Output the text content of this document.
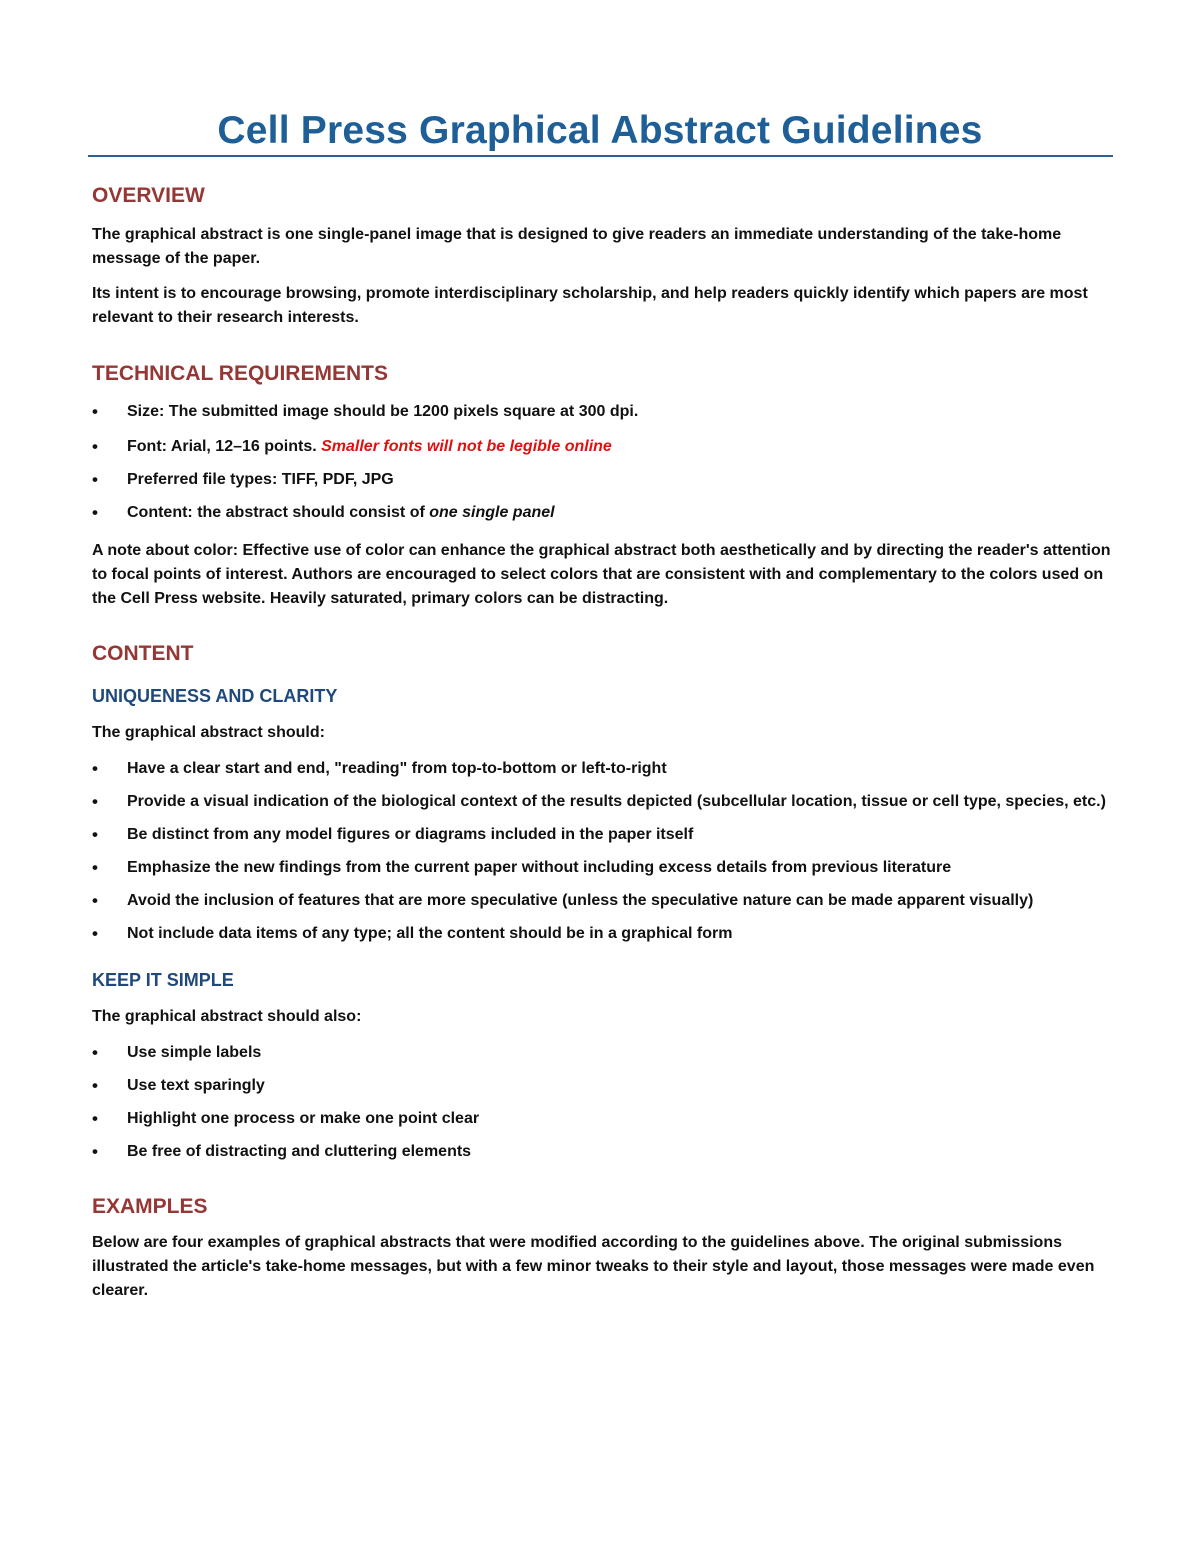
Cell Press Graphical Abstract Guidelines
OVERVIEW

The graphical abstract is one single-panel image that is designed to give readers an immediate understanding of the take-home message of the paper.

Its intent is to encourage browsing, promote interdisciplinary scholarship, and help readers quickly identify which papers are most relevant to their research interests.

TECHNICAL REQUIREMENTS
• Size: The submitted image should be 1200 pixels square at 300 dpi.
• Font: Arial, 12–16 points. Smaller fonts will not be legible online
• Preferred file types: TIFF, PDF, JPG
• Content: the abstract should consist of one single panel

A note about color: Effective use of color can enhance the graphical abstract both aesthetically and by directing the reader's attention to focal points of interest. Authors are encouraged to select colors that are consistent with and complementary to the colors used on the Cell Press website. Heavily saturated, primary colors can be distracting.

CONTENT
UNIQUENESS AND CLARITY

The graphical abstract should:

• Have a clear start and end, "reading" from top-to-bottom or left-to-right
• Provide a visual indication of the biological context of the results depicted (subcellular location, tissue or cell type, species, etc.)
• Be distinct from any model figures or diagrams included in the paper itself
• Emphasize the new findings from the current paper without including excess details from previous literature
• Avoid the inclusion of features that are more speculative (unless the speculative nature can be made apparent visually)
• Not include data items of any type; all the content should be in a graphical form
KEEP IT SIMPLE

The graphical abstract should also:

• Use simple labels
• Use text sparingly
• Highlight one process or make one point clear
• Be free of distracting and cluttering elements
EXAMPLES

Below are four examples of graphical abstracts that were modified according to the guidelines above. The original submissions illustrated the article's take-home messages, but with a few minor tweaks to their style and layout, those messages were made even clearer.
